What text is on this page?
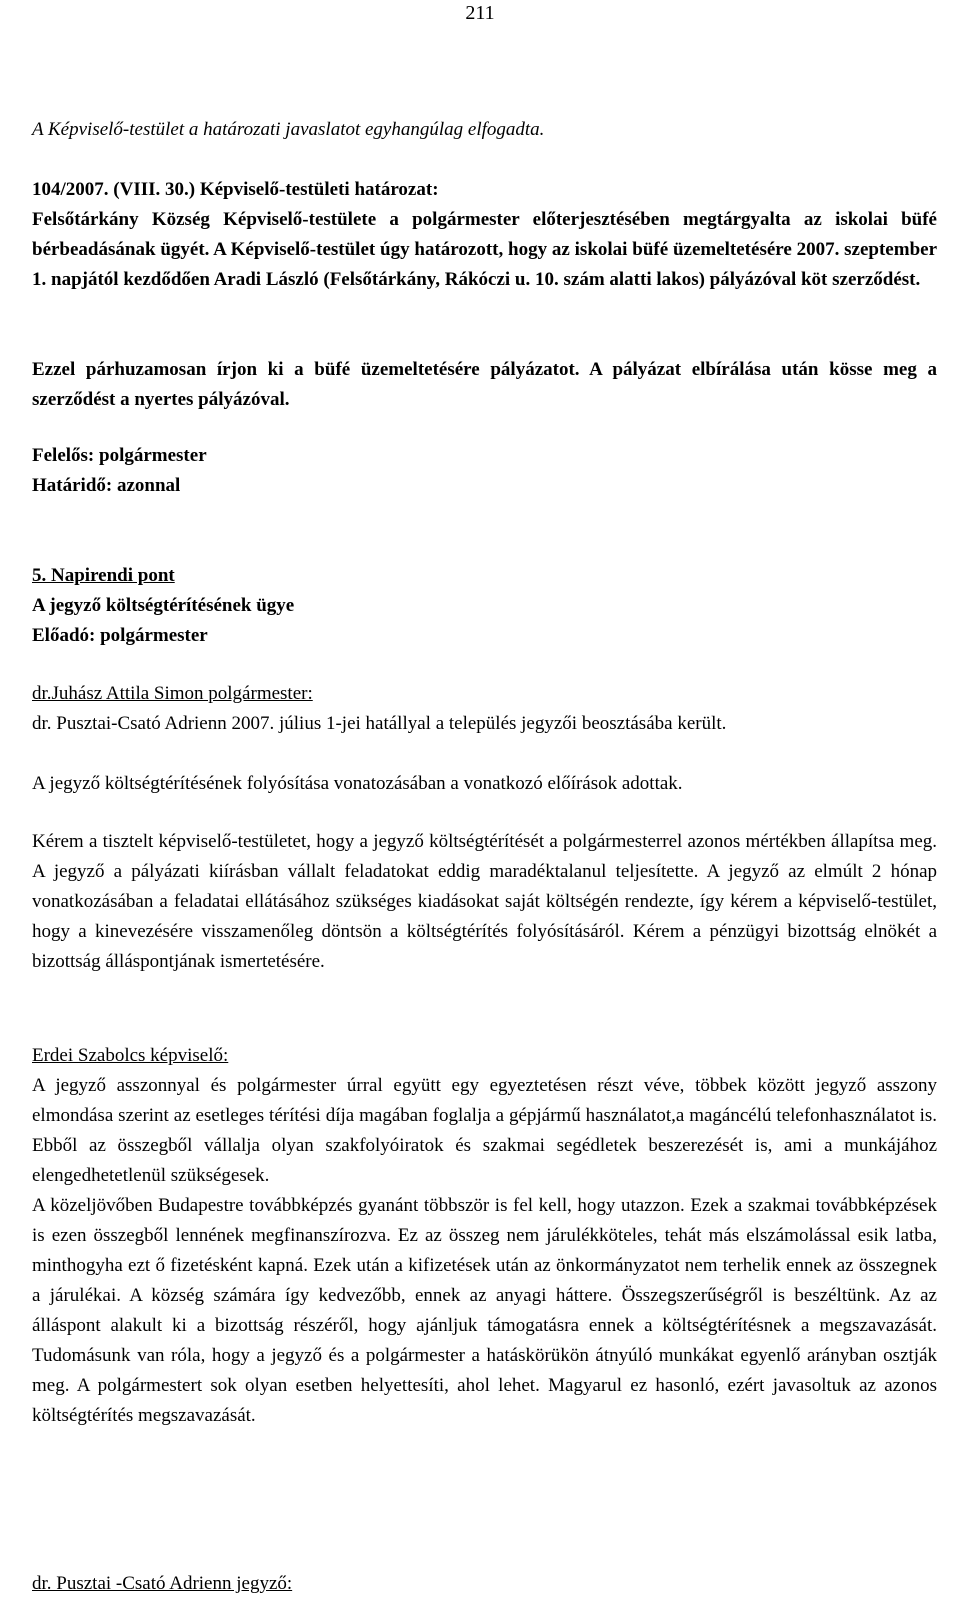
211

A Képviselő-testület a határozati javaslatot egyhangúlag elfogadta.

104/2007. (VIII. 30.) Képviselő-testületi határozat:

Felsőtárkány Község Képviselő-testülete a polgármester előterjesztésében megtárgyalta az iskolai büfé bérbeadásának ügyét. A Képviselő-testület úgy határozott, hogy az iskolai büfé üzemeltetésére 2007. szeptember 1. napjától kezdődően Aradi László (Felsőtárkány, Rákóczi u. 10. szám alatti lakos) pályázóval köt szerződést.

Ezzel párhuzamosan írjon ki a büfé üzemeltetésére pályázatot. A pályázat elbírálása után kösse meg a szerződést a nyertes pályázóval.

Felelős: polgármester

Határidő: azonnal

5. Napirendi pont

A jegyző költségtérítésének ügye

Előadó: polgármester

dr.Juhász Attila Simon polgármester:

dr. Pusztai-Csató Adrienn 2007. július 1-jei hatállyal a település jegyzői beosztásába került.

A jegyző költségtérítésének folyósítása vonatozásában a vonatkozó előírások adottak.

Kérem a tisztelt képviselő-testületet, hogy a jegyző költségtérítését a polgármesterrel azonos mértékben állapítsa meg. A jegyző a pályázati kiírásban vállalt feladatokat eddig maradéktalanul teljesítette. A jegyző az elmúlt 2 hónap vonatkozásában a feladatai ellátásához szükséges kiadásokat saját költségén rendezte, így kérem a képviselő-testület, hogy a kinevezésére visszamenőleg döntsön a költségtérítés folyósításáról. Kérem a pénzügyi bizottság elnökét a bizottság álláspontjának ismertetésére.

Erdei Szabolcs képviselő:

A jegyző asszonnyal és polgármester úrral együtt egy egyeztetésen részt véve, többek között jegyző asszony elmondása szerint az esetleges térítési díja magában foglalja a gépjármű használatot,a magáncélú telefonhasználatot is. Ebből az összegből vállalja olyan szakfolyóiratok és szakmai segédletek beszerezését is, ami a munkájához elengedhetetlenül szükségesek.

A közeljövőben Budapestre továbbképzés gyanánt többször is fel kell, hogy utazzon. Ezek a szakmai továbbképzések is ezen összegből lennének megfinanszírozva. Ez az összeg nem járulékköteles, tehát más elszámolással esik latba, minthogyha ezt ő fizetésként kapná. Ezek után a kifizetések után az önkormányzatot nem terhelik ennek az összegnek a járulékai. A község számára így kedvezőbb, ennek az anyagi háttere. Összegszerűségről is beszéltünk. Az az álláspont alakult ki a bizottság részéről, hogy ajánljuk támogatásra ennek a költségtérítésnek a megszavazását. Tudomásunk van róla, hogy a jegyző és a polgármester a hatáskörükön átnyúló munkákat egyenlő arányban osztják meg. A polgármestert sok olyan esetben helyettesíti, ahol lehet. Magyarul ez hasonló, ezért javasoltuk az azonos költségtérítés megszavazását.

dr. Pusztai -Csató Adrienn jegyző:
